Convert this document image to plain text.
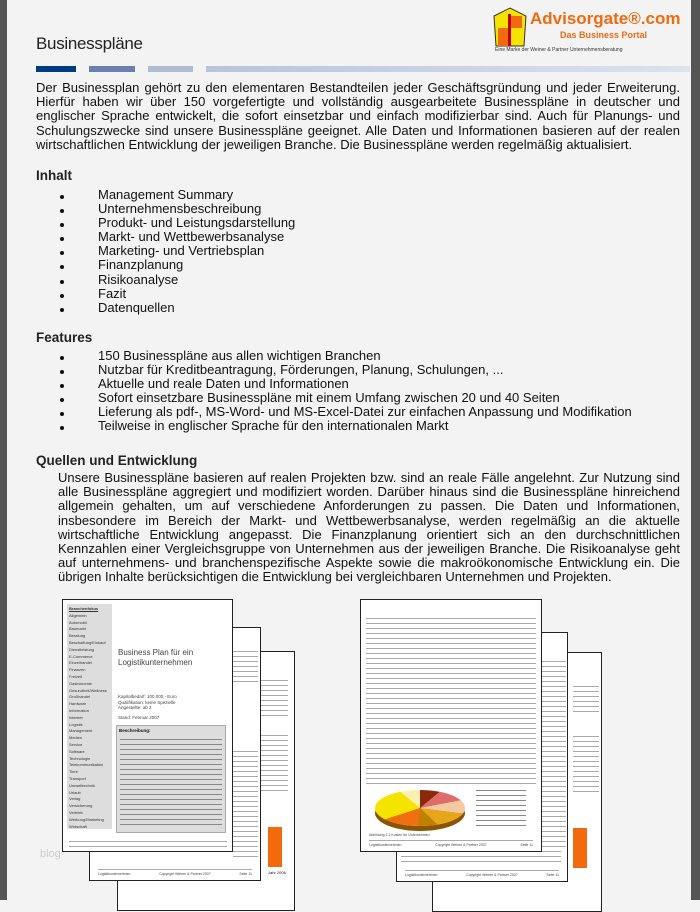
Businesspläne
Advisorgate®.com
Das Business Portal
Eine Marke der Weiner & Partner Unternehmensberatung
Der Businessplan gehört zu den elementaren Bestandteilen jeder Geschäftsgründung und jeder Erweiterung. Hierfür haben wir über 150 vorgefertigte und vollständig ausgearbeitete Businesspläne in deutscher und englischer Sprache entwickelt, die sofort einsetzbar und einfach modifizierbar sind. Auch für Planungs- und Schulungszwecke sind unsere Businesspläne geeignet. Alle Daten und Informationen basieren auf der realen wirtschaftlichen Entwicklung der jeweiligen Branche. Die Businesspläne werden regelmäßig aktualisiert.
Inhalt
Management Summary
Unternehmensbeschreibung
Produkt- und Leistungsdarstellung
Markt- und Wettbewerbsanalyse
Marketing- und Vertriebsplan
Finanzplanung
Risikoanalyse
Fazit
Datenquellen
Features
150 Businesspläne aus allen wichtigen Branchen
Nutzbar für Kreditbeantragung, Förderungen, Planung, Schulungen, ...
Aktuelle und reale Daten und Informationen
Sofort einsetzbare Businesspläne mit einem Umfang zwischen 20 und 40 Seiten
Lieferung als pdf-, MS-Word- und MS-Excel-Datei zur einfachen Anpassung und Modifikation
Teilweise in englischer Sprache für den internationalen Markt
Quellen und Entwicklung
Unsere Businesspläne basieren auf realen Projekten bzw. sind an reale Fälle angelehnt. Zur Nutzung sind alle Businesspläne aggregiert und modifiziert worden. Darüber hinaus sind die Businesspläne hinreichend allgemein gehalten, um auf verschiedene Anforderungen zu passen. Die Daten und Informationen, insbesondere im Bereich der Markt- und Wettbewerbsanalyse, werden regelmäßig an die aktuelle wirtschaftliche Entwicklung angepasst. Die Finanzplanung orientiert sich an den durchschnittlichen Kennzahlen einer Vergleichsgruppe von Unternehmen aus der jeweiligen Branche. Die Risikoanalyse geht auf unternehmens- und branchenspezifische Aspekte sowie die makroökonomische Entwicklung ein. Die übrigen Inhalte berücksichtigen die Entwicklung bei vergleichbaren Unternehmen und Projekten.
blog
Jahr 2006
Logistikunternehmen	Copyright Weiner & Partner 2007	Seite 11
Branchenfokus
Allgemein
Automobil
Baumarkt
Beratung
Beschaffung/Einkauf
Dienstleistung
E-Commerce
Einzelhandel
Finanzen
Freizeit
Gastronomie
Gesundheit/Wellness
Großhandel
Hardware
Information
Internet
Logistik
Management
Medien
Service
Software
Technologie
Telekommunikation
Tiere
Transport
Umwelttechnik
Urlaub
Verlag
Versicherung
Vertrieb
Werbung/Marketing
Wirtschaft
Business Plan für ein Logistikunternehmen
Kapitalbedarf: 100.000,- Euro
Qualifikation: keine Spezielle
Angestellte: ab 2
Stand: Februar 2007
Beschreibung:
Logistikunternehmen	Copyright Weiner & Partner 2007	Seite 11
Abbildung 1.1 Kosten für Unternehmen
Logistikunternehmen	Copyright Weiner & Partner 2007	Seite 11
